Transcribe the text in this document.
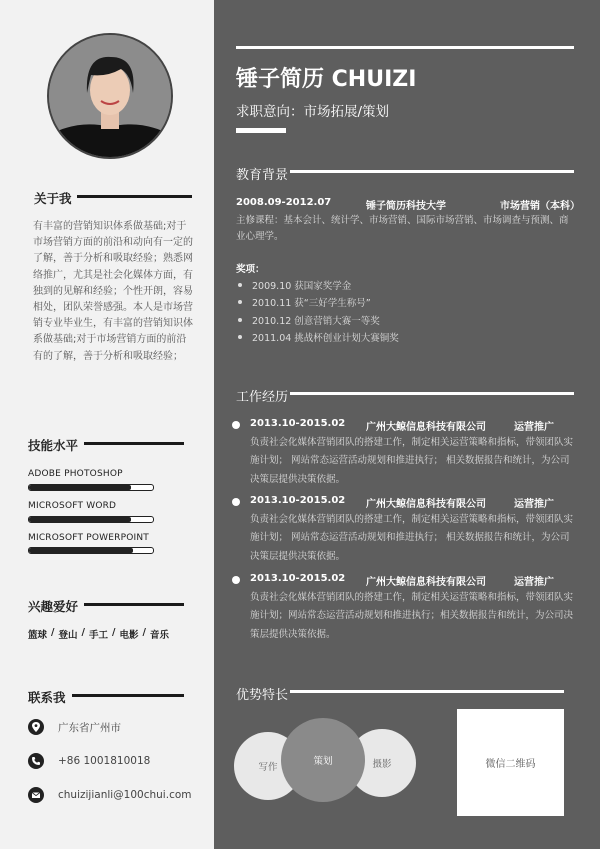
关于我
有丰富的营销知识体系做基础;对于市场营销方面的前沿和动向有一定的了解，善于分析和吸取经验；熟悉网络推广，尤其是社会化媒体方面，有独到的见解和经验；个性开朗，容易相处，团队荣誉感强。本人是市场营销专业毕业生，有丰富的营销知识体系做基础;对于市场营销方面的前沿有的了解，善于分析和吸取经验；
技能水平
ADOBE PHOTOSHOP
MICROSOFT WORD
MICROSOFT POWERPOINT
兴趣爱好
篮球 / 登山 / 手工 / 电影 / 音乐
联系我
广东省广州市
+86 1001810018
chuizijianli@100chui.com
锤子简历 CHUIZI
求职意向：市场拓展/策划
教育背景
2008.09-2012.07	锤子简历科技大学	市场营销（本科）
主修课程：基本会计、统计学、市场营销、国际市场营销、市场调查与预测、商业心理学。
奖项：
2009.10 获国家奖学金
2010.11 获“三好学生称号”
2010.12 创意营销大赛一等奖
2011.04 挑战杯创业计划大赛铜奖
工作经历
2013.10-2015.02 广州大鲸信息科技有限公司	运营推广
负责社会化媒体营销团队的搭建工作，制定相关运营策略和指标，带领团队实施计划； 网站常态运营活动规划和推进执行； 相关数据报告和统计，为公司决策层提供决策依据。
2013.10-2015.02 广州大鲸信息科技有限公司	运营推广
负责社会化媒体营销团队的搭建工作，制定相关运营策略和指标，带领团队实施计划； 网站常态运营活动规划和推进执行； 相关数据报告和统计，为公司决策层提供决策依据。
2013.10-2015.02 广州大鲸信息科技有限公司	运营推广
负责社会化媒体营销团队的搭建工作，制定相关运营策略和指标，带领团队实施计划；网站常态运营活动规划和推进执行；相关数据报告和统计，为公司决策层提供决策依据。
优势特长
写作	摄影
策划	微信二维码
